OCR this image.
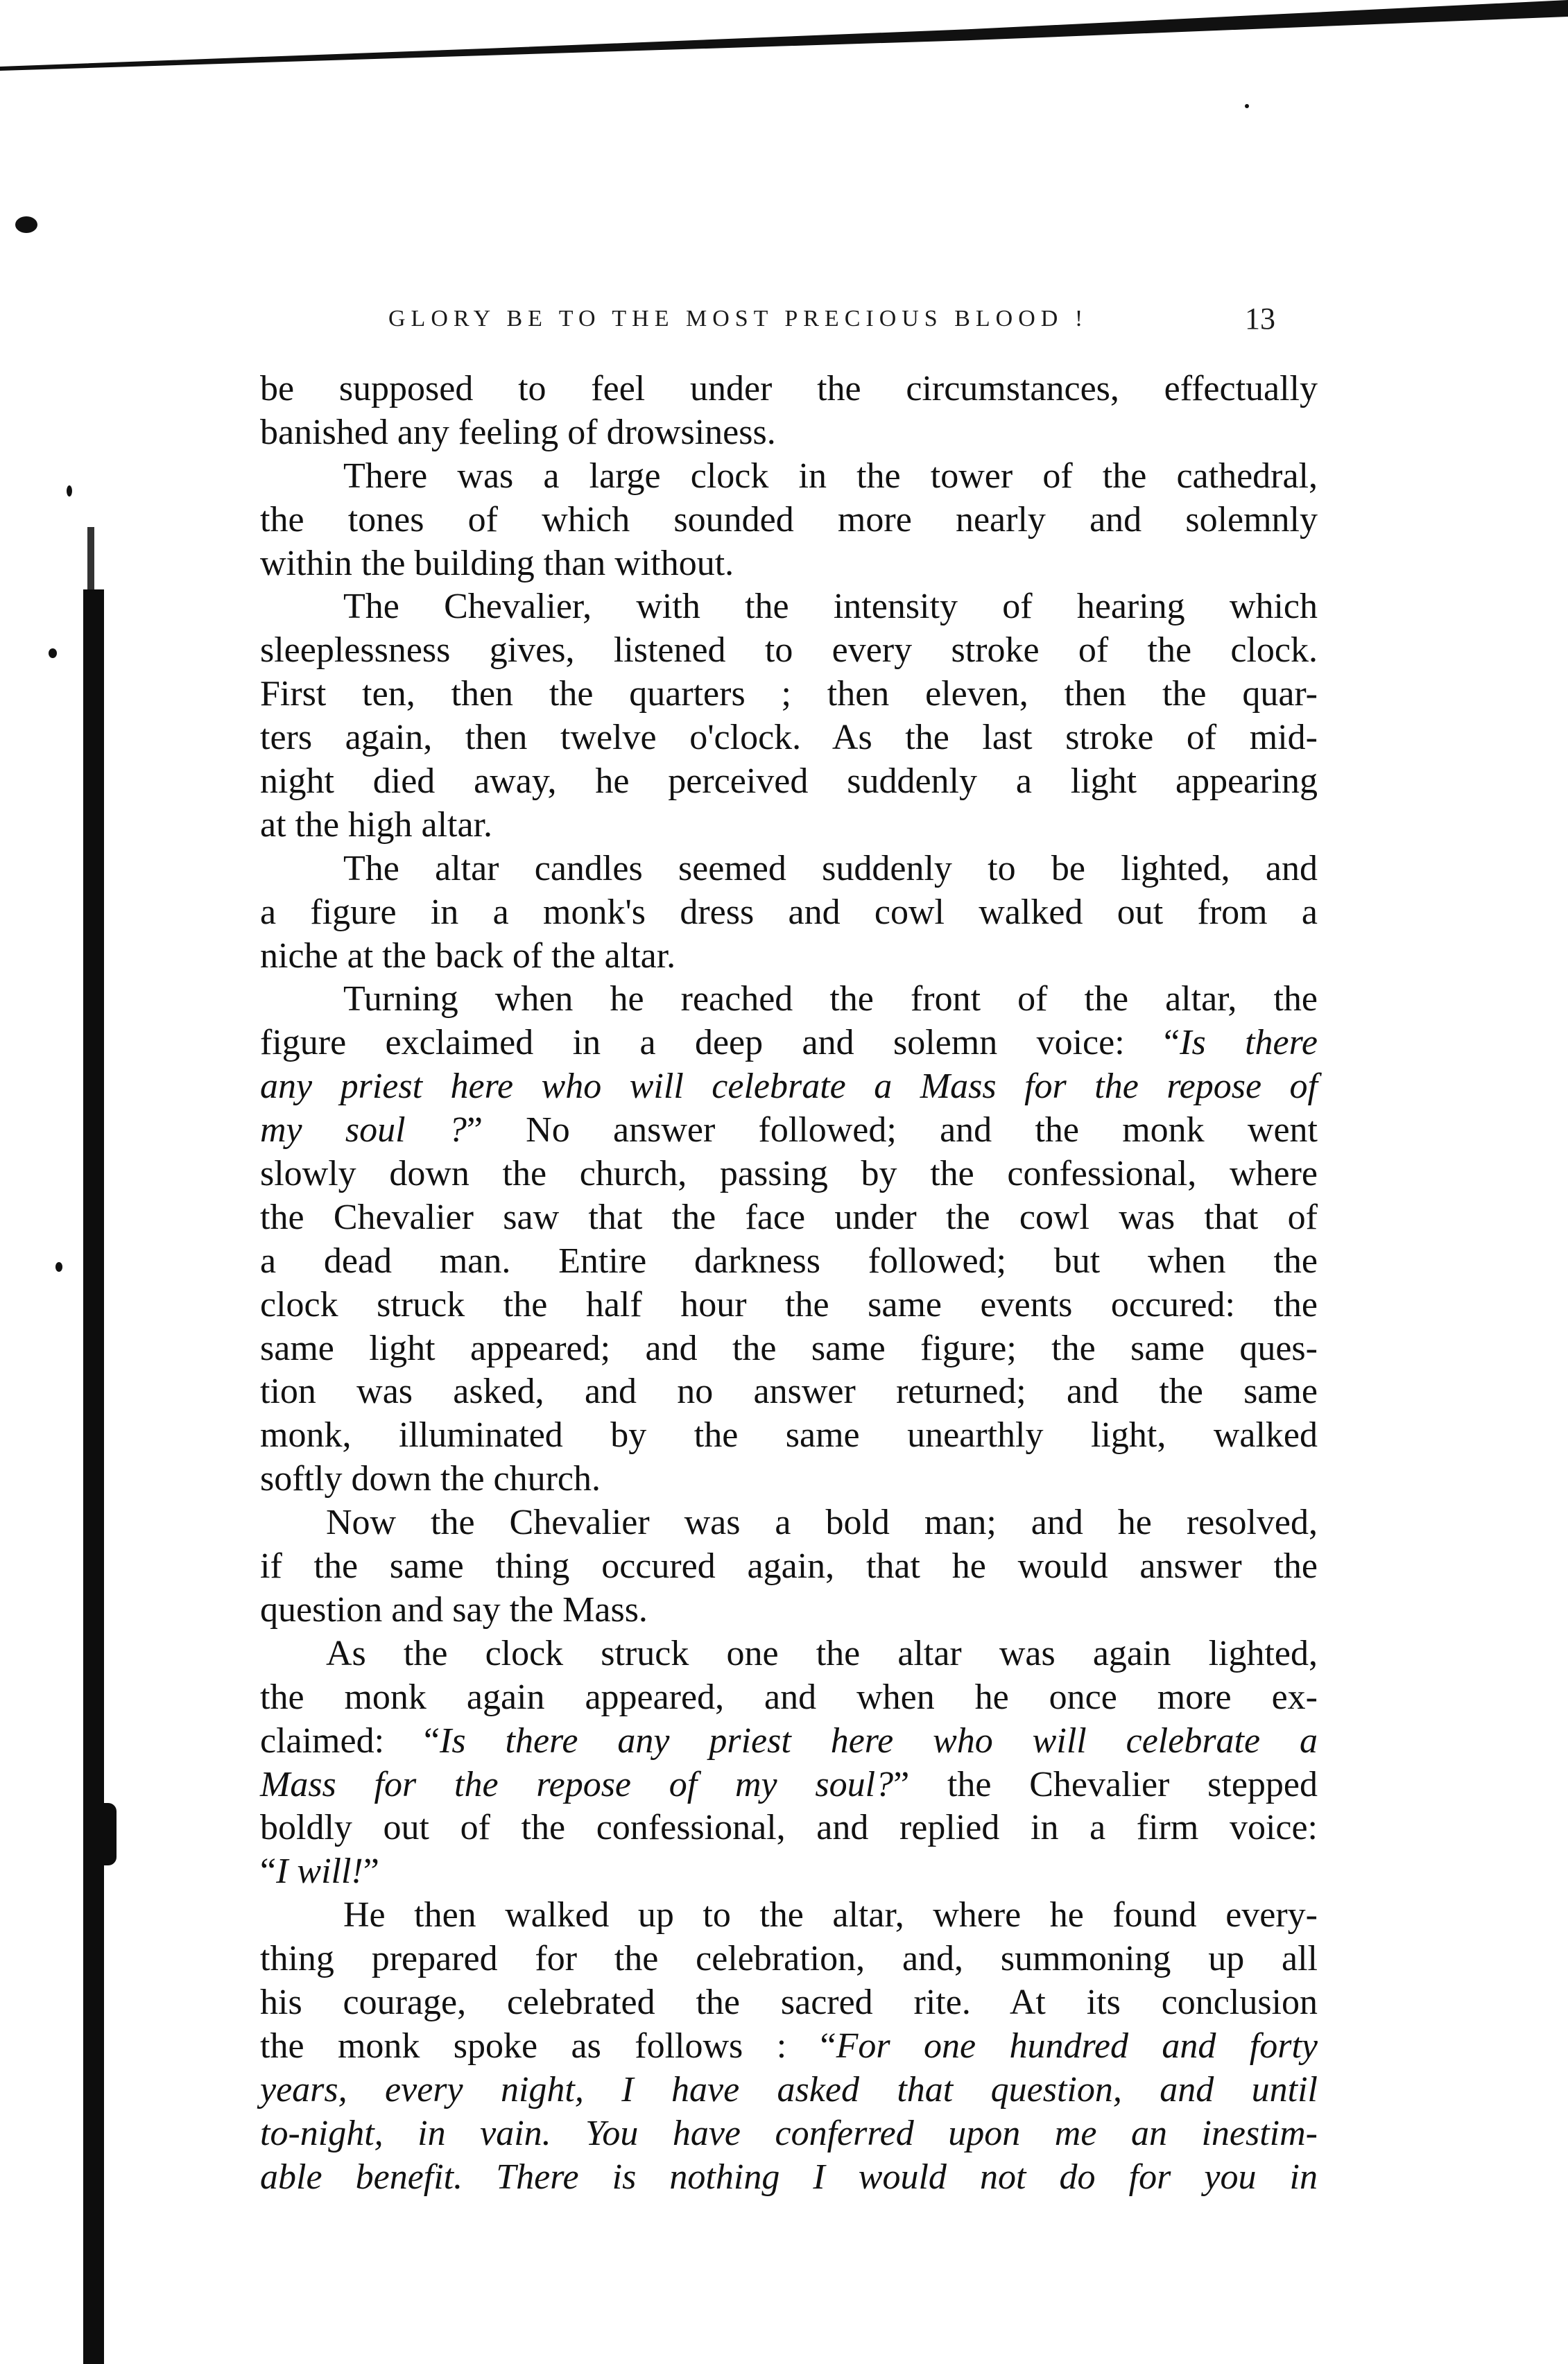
GLORY BE TO THE MOST PRECIOUS BLOOD !	13
be supposed to feel under the circumstances, effectually
banished any feeling of drowsiness.
There was a large clock in the tower of the cathedral,
the tones of which sounded more nearly and solemnly
within the building than without.
The Chevalier, with the intensity of hearing which
sleeplessness gives, listened to every stroke of the clock.
First ten, then the quarters ; then eleven, then the quar-
ters again, then twelve o'clock. As the last stroke of mid-
night died away, he perceived suddenly a light appearing
at the high altar.
The altar candles seemed suddenly to be lighted, and
a figure in a monk's dress and cowl walked out from a
niche at the back of the altar.
Turning when he reached the front of the altar, the
figure exclaimed in a deep and solemn voice: “Is there
any priest here who will celebrate a Mass for the repose of
my soul ?” No answer followed; and the monk went
slowly down the church, passing by the confessional, where
the Chevalier saw that the face under the cowl was that of
a dead man. Entire darkness followed; but when the
clock struck the half hour the same events occured: the
same light appeared; and the same figure; the same ques-
tion was asked, and no answer returned; and the same
monk, illuminated by the same unearthly light, walked
softly down the church.
Now the Chevalier was a bold man; and he resolved,
if the same thing occured again, that he would answer the
question and say the Mass.
As the clock struck one the altar was again lighted,
the monk again appeared, and when he once more ex-
claimed: “Is there any priest here who will celebrate a
Mass for the repose of my soul?” the Chevalier stepped
boldly out of the confessional, and replied in a firm voice:
“I will!”
He then walked up to the altar, where he found every-
thing prepared for the celebration, and, summoning up all
his courage, celebrated the sacred rite. At its conclusion
the monk spoke as follows : “For one hundred and forty
years, every night, I have asked that question, and until
to-night, in vain. You have conferred upon me an inestim-
able benefit. There is nothing I would not do for you in
